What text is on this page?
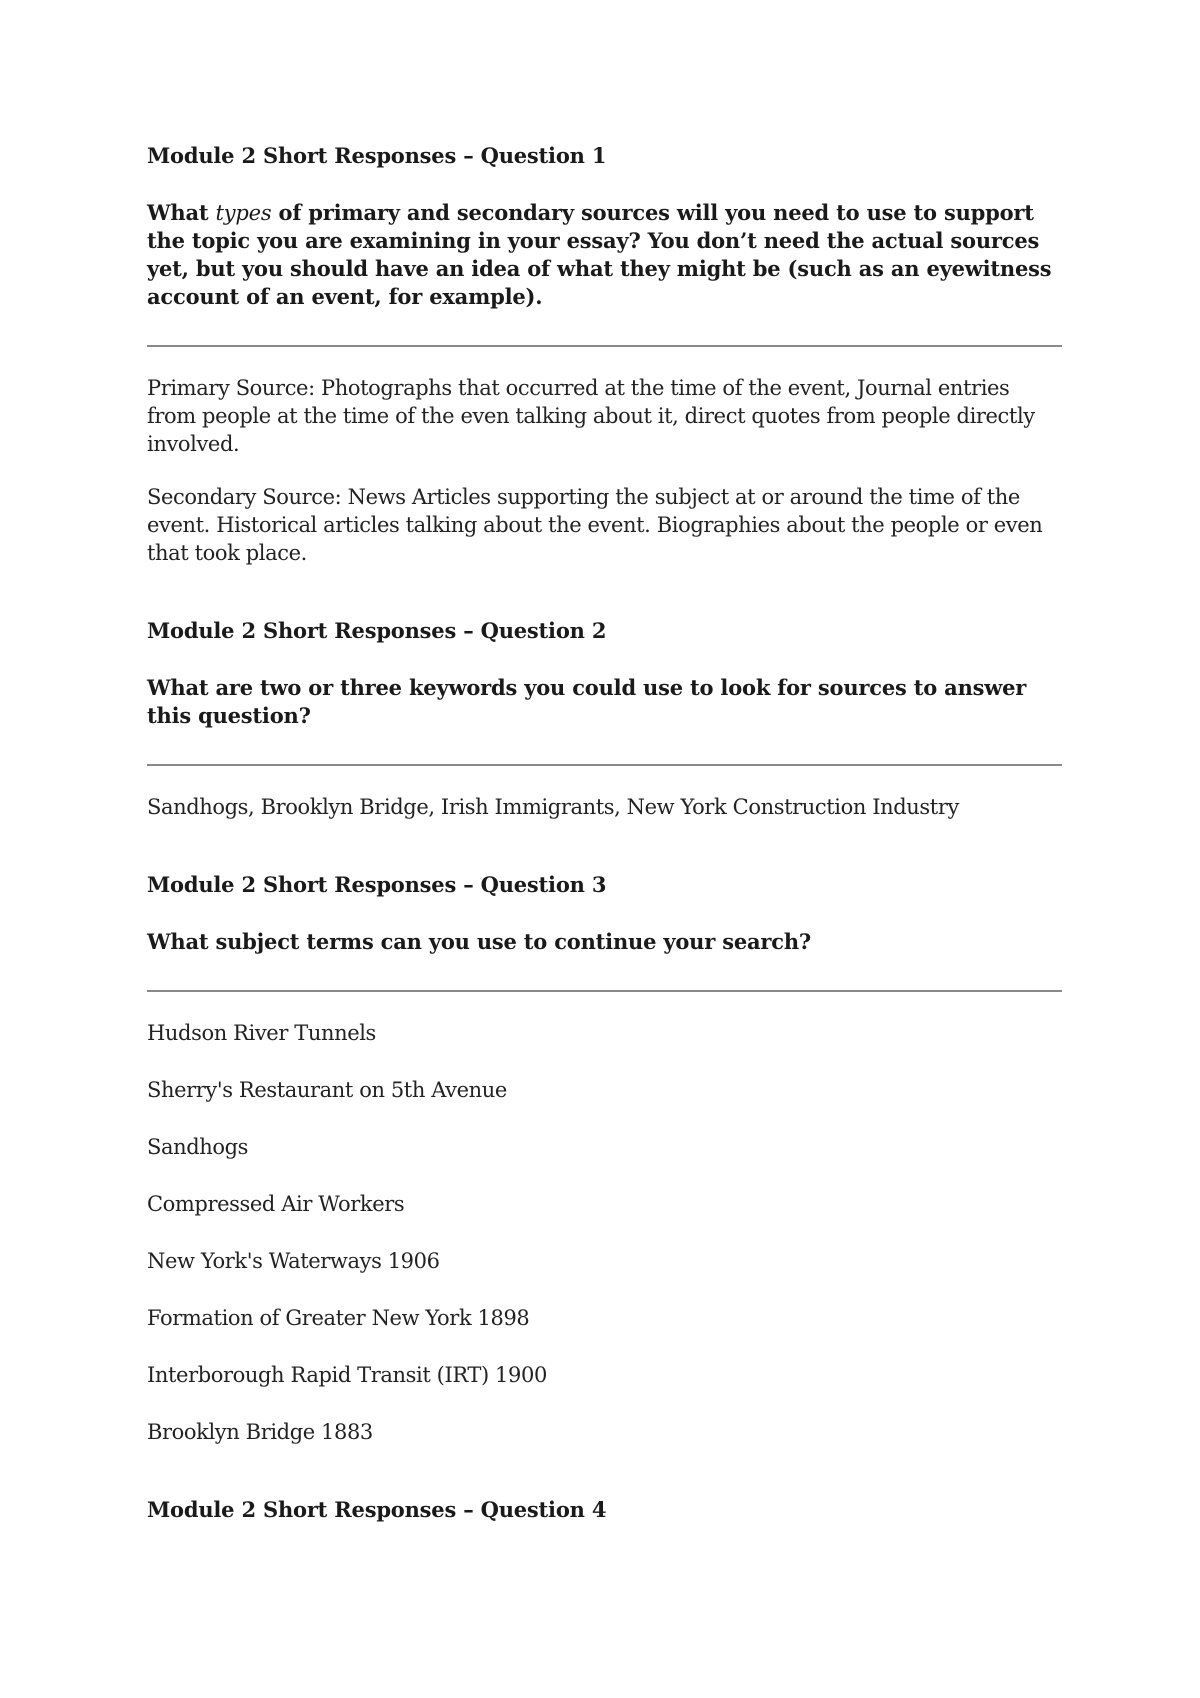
Module 2 Short Responses – Question 1

What types of primary and secondary sources will you need to use to support the topic you are examining in your essay? You don’t need the actual sources yet, but you should have an idea of what they might be (such as an eyewitness account of an event, for example).

Primary Source: Photographs that occurred at the time of the event, Journal entries from people at the time of the even talking about it, direct quotes from people directly involved.

Secondary Source: News Articles supporting the subject at or around the time of the event. Historical articles talking about the event. Biographies about the people or even that took place.

Module 2 Short Responses – Question 2

What are two or three keywords you could use to look for sources to answer this question?

Sandhogs, Brooklyn Bridge, Irish Immigrants, New York Construction Industry

Module 2 Short Responses – Question 3

What subject terms can you use to continue your search?

Hudson River Tunnels

Sherry's Restaurant on 5th Avenue

Sandhogs

Compressed Air Workers

New York's Waterways 1906

Formation of Greater New York 1898

Interborough Rapid Transit (IRT) 1900

Brooklyn Bridge 1883

Module 2 Short Responses – Question 4
